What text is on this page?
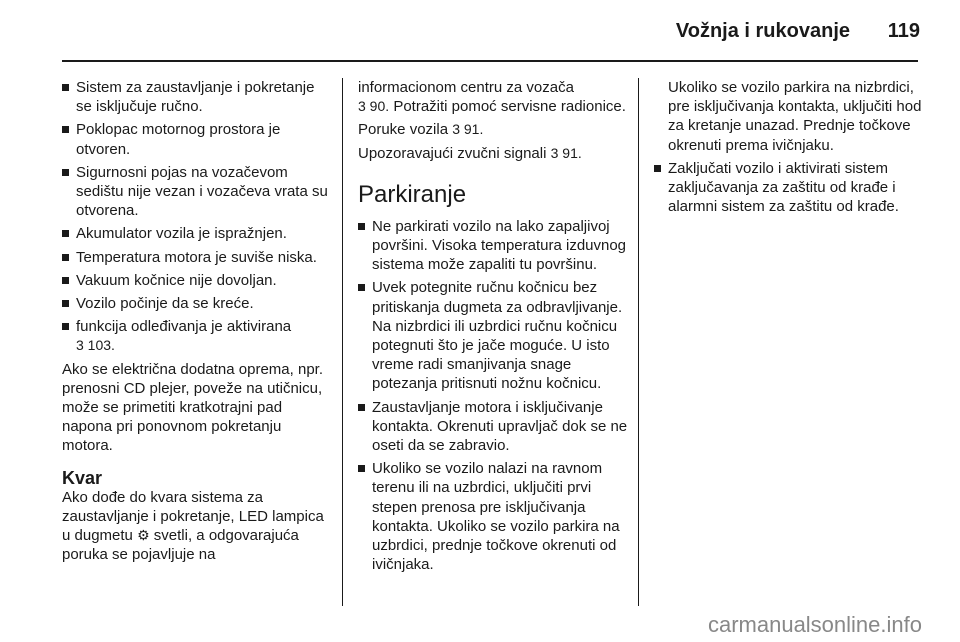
Vožnja i rukovanje 119
Sistem za zaustavljanje i pokretanje se isključuje ručno.
Poklopac motornog prostora je otvoren.
Sigurnosni pojas na vozačevom sedištu nije vezan i vozačeva vrata su otvorena.
Akumulator vozila je ispražnjen.
Temperatura motora je suviše niska.
Vakuum kočnice nije dovoljan.
Vozilo počinje da se kreće.
funkcija odleđivanja je aktivirana
3 103.

Ako se električna dodatna oprema, npr. prenosni CD plejer, poveže na utičnicu, može se primetiti kratkotrajni pad napona pri ponovnom pokretanju motora.

Kvar

Ako dođe do kvara sistema za zaustavljanje i pokretanje, LED lampica u dugmetu ⚙ svetli, a odgovarajuća poruka se pojavljuje na

informacionom centru za vozača
3 90. Potražiti pomoć servisne radionice.

Poruke vozila 3 91.

Upozoravajući zvučni signali 3 91.

Parkiranje
Ne parkirati vozilo na lako zapaljivoj površini. Visoka temperatura izduvnog sistema može zapaliti tu površinu.
Uvek potegnite ručnu kočnicu bez pritiskanja dugmeta za odbravljivanje. Na nizbrdici ili uzbrdici ručnu kočnicu potegnuti što je jače moguće. U isto vreme radi smanjivanja snage potezanja pritisnuti nožnu kočnicu.
Zaustavljanje motora i isključivanje kontakta. Okrenuti upravljač dok se ne oseti da se zabravio.
Ukoliko se vozilo nalazi na ravnom terenu ili na uzbrdici, uključiti prvi stepen prenosa pre isključivanja kontakta. Ukoliko se vozilo parkira na uzbrdici, prednje točkove okrenuti od ivičnjaka.

Ukoliko se vozilo parkira na nizbrdici, pre isključivanja kontakta, uključiti hod za kretanje unazad. Prednje točkove okrenuti prema ivičnjaku.

Zaključati vozilo i aktivirati sistem zaključavanja za zaštitu od krađe i alarmni sistem za zaštitu od krađe.
carmanualsonline.info
